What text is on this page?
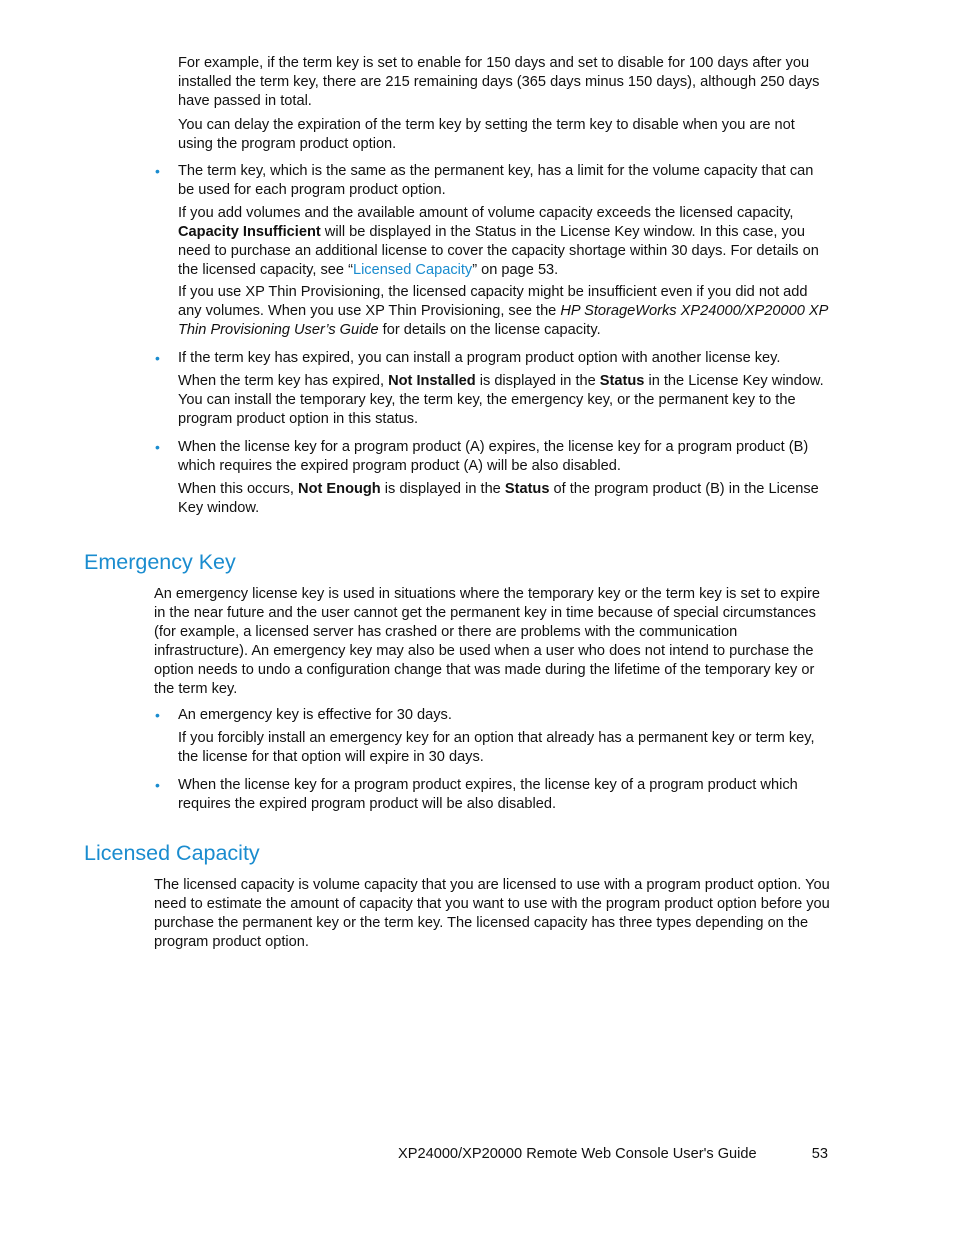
For example, if the term key is set to enable for 150 days and set to disable for 100 days after you installed the term key, there are 215 remaining days (365 days minus 150 days), although 250 days have passed in total.

You can delay the expiration of the term key by setting the term key to disable when you are not using the program product option.

• The term key, which is the same as the permanent key, has a limit for the volume capacity that can be used for each program product option.

If you add volumes and the available amount of volume capacity exceeds the licensed capacity, Capacity Insufficient will be displayed in the Status in the License Key window. In this case, you need to purchase an additional license to cover the capacity shortage within 30 days. For details on the licensed capacity, see “Licensed Capacity” on page 53.

If you use XP Thin Provisioning, the licensed capacity might be insufficient even if you did not add any volumes. When you use XP Thin Provisioning, see the HP StorageWorks XP24000/XP20000 XP Thin Provisioning User’s Guide for details on the license capacity.

• If the term key has expired, you can install a program product option with another license key.

When the term key has expired, Not Installed is displayed in the Status in the License Key window. You can install the temporary key, the term key, the emergency key, or the permanent key to the program product option in this status.

• When the license key for a program product (A) expires, the license key for a program product (B) which requires the expired program product (A) will be also disabled.

When this occurs, Not Enough is displayed in the Status of the program product (B) in the License Key window.

Emergency Key

An emergency license key is used in situations where the temporary key or the term key is set to expire in the near future and the user cannot get the permanent key in time because of special circumstances (for example, a licensed server has crashed or there are problems with the communication infrastructure). An emergency key may also be used when a user who does not intend to purchase the option needs to undo a configuration change that was made during the lifetime of the temporary key or the term key.

• An emergency key is effective for 30 days.

If you forcibly install an emergency key for an option that already has a permanent key or term key, the license for that option will expire in 30 days.

• When the license key for a program product expires, the license key of a program product which requires the expired program product will be also disabled.

Licensed Capacity

The licensed capacity is volume capacity that you are licensed to use with a program product option. You need to estimate the amount of capacity that you want to use with the program product option before you purchase the permanent key or the term key. The licensed capacity has three types depending on the program product option.

XP24000/XP20000 Remote Web Console User's Guide	53
